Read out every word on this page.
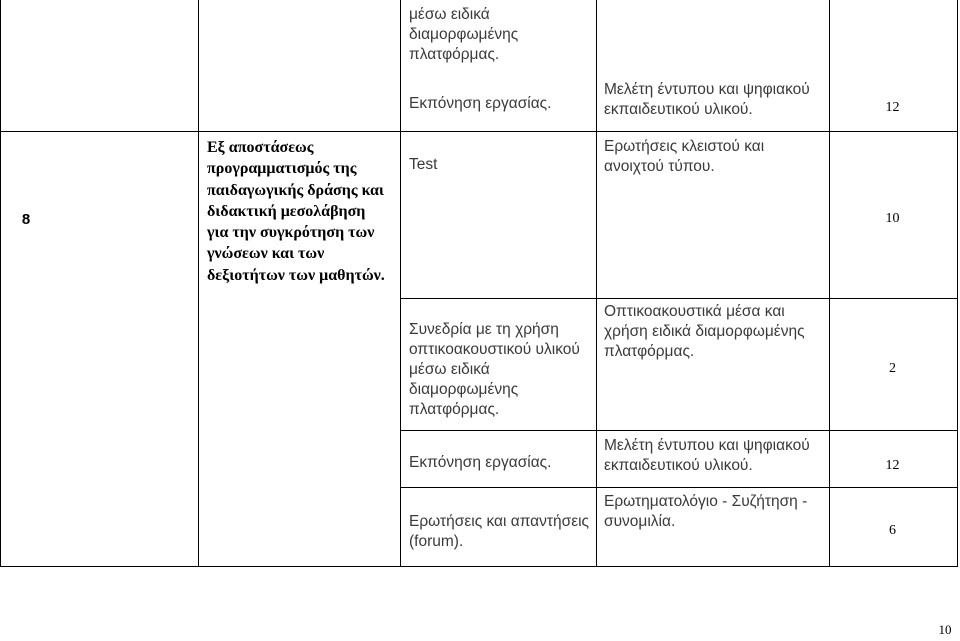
μέσω ειδικά
διαμορφωμένης
πλατφόρμας.
Εκπόνηση εργασίας.
Μελέτη έντυπου και ψηφιακού
εκπαιδευτικού υλικού.	12
8
Εξ αποστάσεως
προγραμματισμός της
παιδαγωγικής δράσης και
διδακτική μεσολάβηση
για την συγκρότηση των
γνώσεων και των
δεξιοτήτων των μαθητών.
Test
Ερωτήσεις κλειστού και
ανοιχτού τύπου.
10
Συνεδρία με τη χρήση
οπτικοακουστικού υλικού
μέσω ειδικά
διαμορφωμένης
πλατφόρμας.
Οπτικοακουστικά μέσα και
χρήση ειδικά διαμορφωμένης
πλατφόρμας.
2
Εκπόνηση εργασίας.
Μελέτη έντυπου και ψηφιακού
εκπαιδευτικού υλικού.	12
Ερωτήσεις και απαντήσεις
(forum).
Ερωτηματολόγιο - Συζήτηση -
συνομιλία.
6
10
